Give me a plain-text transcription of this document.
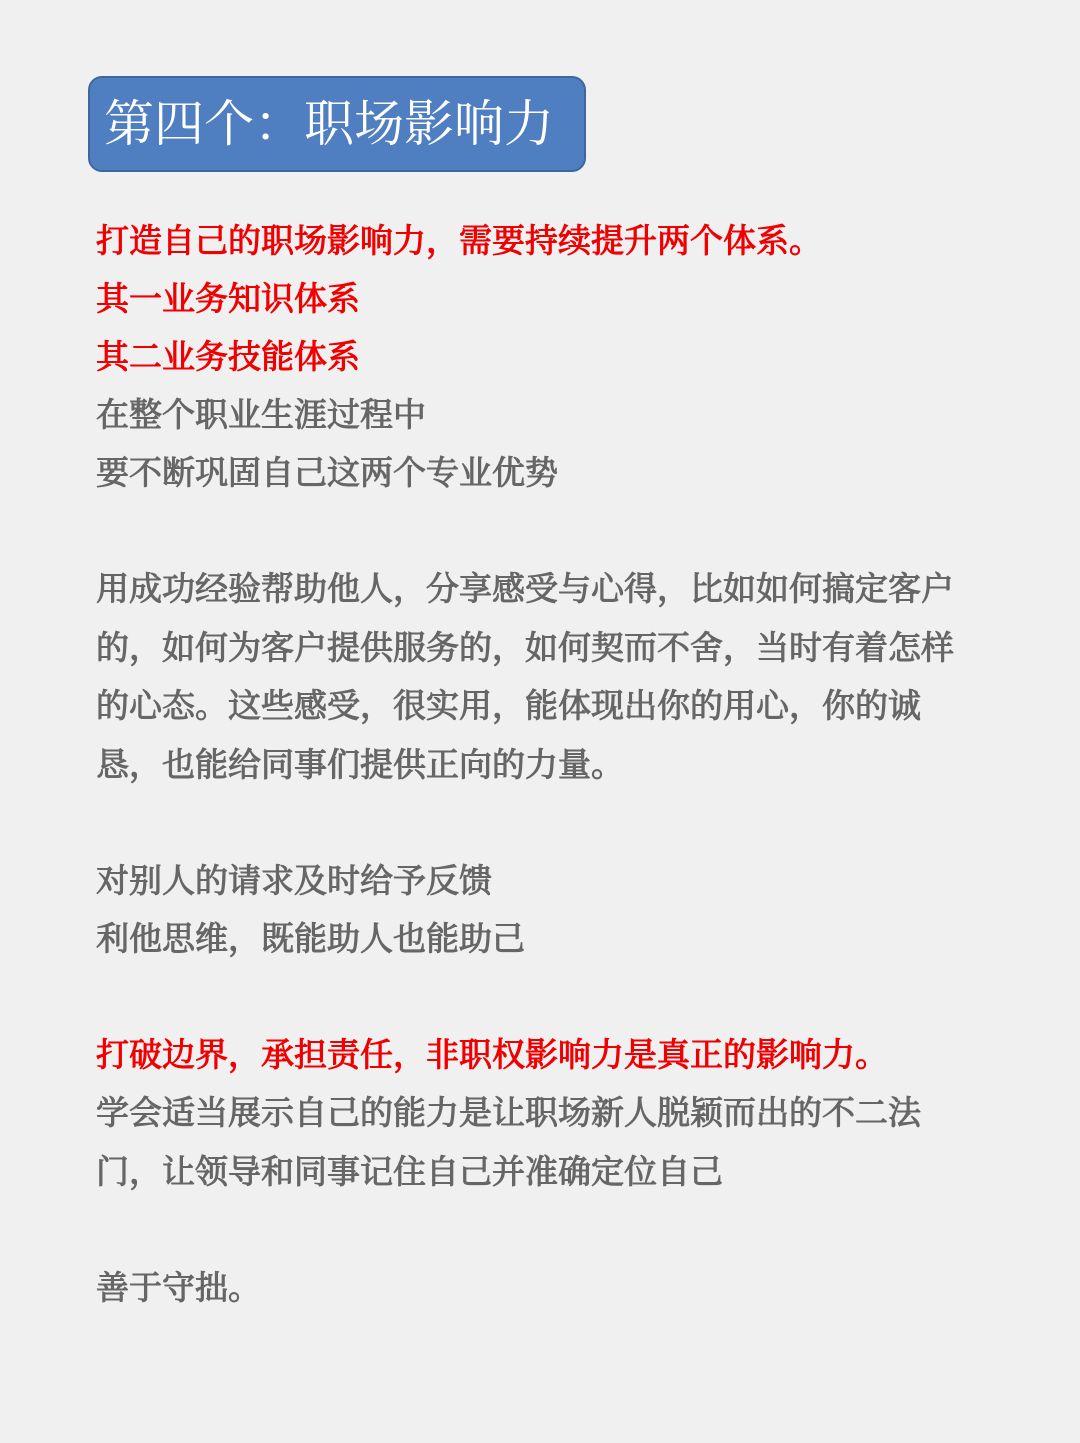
第四个：职场影响力

打造自己的职场影响力，需要持续提升两个体系。

其一业务知识体系

其二业务技能体系

在整个职业生涯过程中

要不断巩固自己这两个专业优势

用成功经验帮助他人，分享感受与心得，比如如何搞定客户的，如何为客户提供服务的，如何契而不舍，当时有着怎样的心态。这些感受，很实用，能体现出你的用心，你的诚恳，也能给同事们提供正向的力量。

对别人的请求及时给予反馈

利他思维，既能助人也能助己

打破边界，承担责任，非职权影响力是真正的影响力。

学会适当展示自己的能力是让职场新人脱颖而出的不二法门，让领导和同事记住自己并准确定位自己

善于守拙。
